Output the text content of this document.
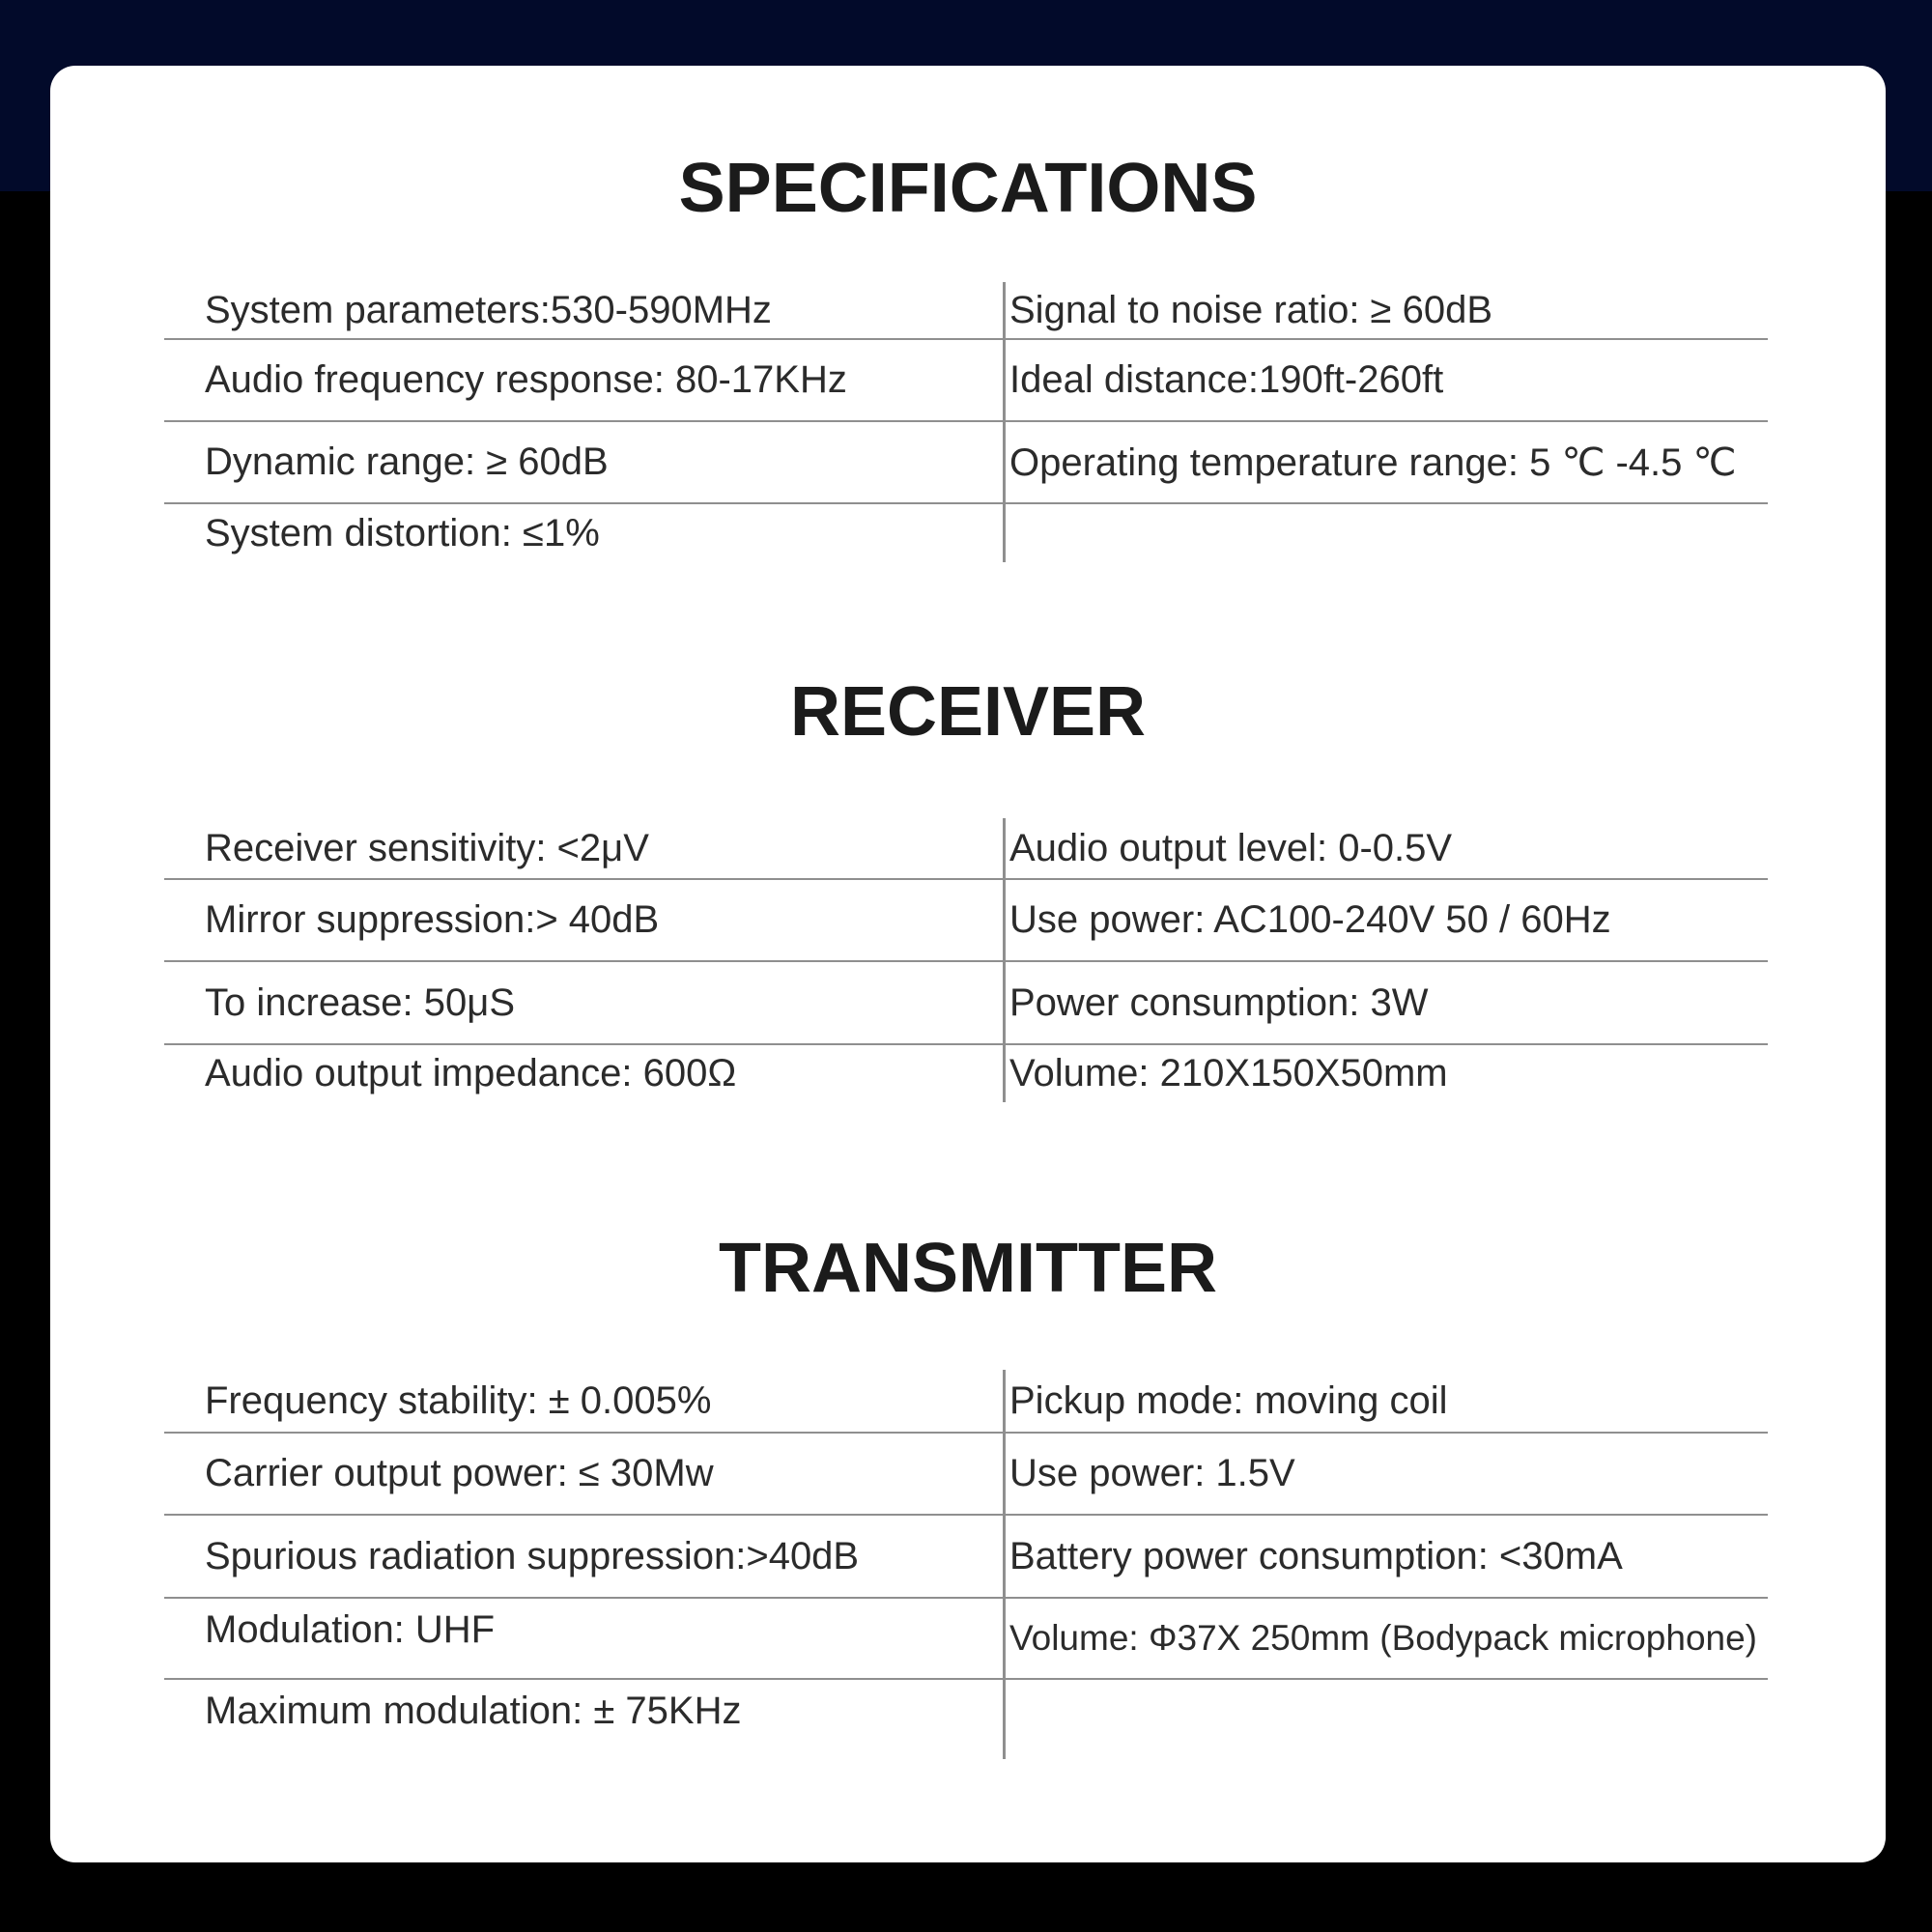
SPECIFICATIONS
System parameters:530-590MHz	Signal to noise ratio: ≥ 60dB
Audio frequency response: 80-17KHz	Ideal distance:190ft-260ft
Dynamic range: ≥ 60dB	Operating temperature range: 5 ℃ -4.5 ℃
System distortion: ≤1%
RECEIVER
Receiver sensitivity: <2μV	Audio output level: 0-0.5V
Mirror suppression:> 40dB	Use power: AC100-240V 50 / 60Hz
To increase: 50μS	Power consumption: 3W
Audio output impedance: 600Ω	Volume: 210X150X50mm
TRANSMITTER
Frequency stability: ± 0.005%	Pickup mode: moving coil
Carrier output power: ≤ 30Mw	Use power: 1.5V
Spurious radiation suppression:>40dB	Battery power consumption: <30mA
Modulation: UHF	Volume: Φ37X 250mm (Bodypack microphone)
Maximum modulation: ± 75KHz
